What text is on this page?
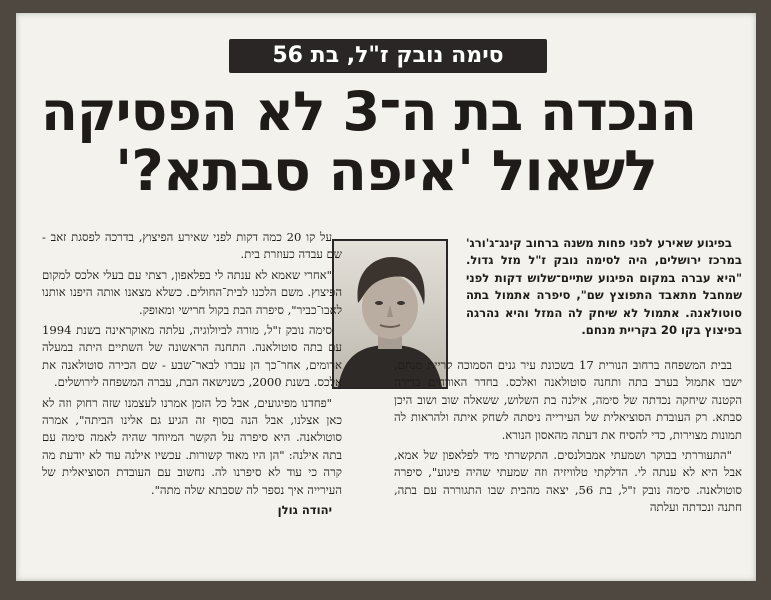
סימה נובק ז"ל, בת 56
הנכדה בת ה־3 לא הפסיקה
לשאול 'איפה סבתא?'

בפיגוע שאירע לפני פחות משנה ברחוב קינג־ג'ורג' במרכז ירושלים, היה לסימה נובק ז"ל מזל גדול. "היא עברה במקום הפיגוע שתיים־שלוש דקות לפני שמחבל מתאבד התפוצץ שם", סיפרה אתמול בתה סוטולאנה. אתמול לא שיחק לה המזל והיא נהרגה בפיצוץ בקו 20 בקריית מנחם.

בבית המשפחה ברחוב הנורית 17 בשכונת עיר גנים הסמוכה קריית מנחם, ישבו אתמול בערב בתה ותחנה סוטולאנה ואלכס. בחדר האורחים בדירה הקטנה שיחקה נכדתה של סימה, אילנה בת השלוש, ששאלה שוב ושוב היכן סבתא. רק העובדת הסוציאלית של העירייה ניסתה לשחק איתה ולהראות לה תמונות מצוירות, כדי להסיח את דעתה מהאסון הנורא.

"התעוררתי בבוקר ושמעתי אמבולנסים. התקשרתי מיד לפלאפון של אמא, אבל היא לא ענתה לי. הדלקתי טלוויזיה וזה שמעתי שהיה פיגוע", סיפרה סוטולאנה. סימה נובק ז"ל, בת 56, יצאה מהבית שבו התגוררה עם בתה, חתנה ונכדתה ועלתה

על קו 20 כמה דקות לפני שאירע הפיצוץ, בדרכה לפסגת זאב - שם עבדה כעוזרת בית.

"אחרי שאמא לא ענתה לי בפלאפון, רצתי עם בעלי אלכס למקום הפיצוץ. משם הלכנו לבית־החולים. כשלא מצאנו אותה היפנו אותנו לאבו־כביר", סיפרה הבת בקול חרישי ומאופק.

סימה נובק ז"ל, מורה לביולוגיה, עלתה מאוקראינה בשנת 1994 עם בתה סוטולאנה. התחנה הראשונה של השתיים היתה במעלה ארומים, אחר־כך הן עברו לבאר־שבע - שם הכירה סוטולאנה את אלכס. בשנת 2000, כשנישאה הבת, עברה המשפחה לירושלים.

"פחדנו מפיגועים, אבל כל הזמן אמרנו לעצמנו שזה רחוק וזה לא כאן אצלנו, אבל הנה בסוף זה הגיע גם אלינו הביתה", אמרה סוטולאנה. היא סיפרה על הקשר המיוחד שהיה לאמה סימה עם בתה אילנה: "הן היו מאוד קשורות. עכשיו אילנה עוד לא יודעת מה קרה כי עוד לא סיפרנו לה. נחשוב עם העובדת הסוציאלית של העירייה איך נספר לה שסבתא שלה מתה".

יהודה גולן
